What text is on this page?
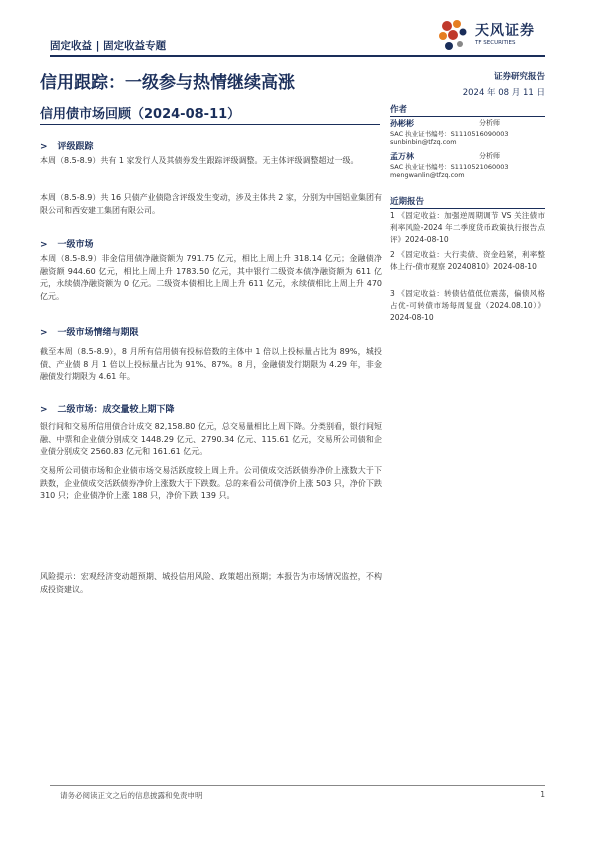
固定收益 | 固定收益专题
天风证券
TF SECURITIES
信用跟踪：一级参与热情继续高涨
信用债市场回顾（2024-08-11）
证券研究报告
2024 年 08 月 11 日
作者
孙彬彬	分析师
SAC 执业证书编号：S1110516090003
sunbinbin@tfzq.com
孟万林	分析师
SAC 执业证书编号：S1110521060003
mengwanlin@tfzq.com
近期报告
1 《固定收益：加强逆周期调节 VS 关注债市利率风险-2024 年二季度货币政策执行报告点评》2024-08-10
2 《固定收益：大行卖债、资金趋紧，利率整体上行-债市观察 20240810》2024-08-10
3 《固定收益：转债估值低位震荡，偏债风格占优-可转债市场每周复盘（2024.08.10）》 2024-08-10
> 评级跟踪
本周（8.5-8.9）共有 1 家发行人及其债券发生跟踪评级调整。无主体评级调整超过一级。
本周（8.5-8.9）共 16 只债产业债隐含评级发生变动，涉及主体共 2 家，分别为中国铝业集团有限公司和西安建工集团有限公司。
> 一级市场
本周（8.5-8.9）非金信用债净融资额为 791.75 亿元，相比上周上升 318.14 亿元；金融债净融资额 944.60 亿元，相比上周上升 1783.50 亿元，其中银行二级资本债净融资额为 611 亿元，永续债净融资额为 0 亿元。二级资本债相比上周上升 611 亿元，永续债相比上周上升 470 亿元。
> 一级市场情绪与期限
截至本周（8.5-8.9），8 月所有信用债有投标倍数的主体中 1 倍以上投标量占比为 89%，城投债、产业债 8 月 1 倍以上投标量占比为 91%、87%。8 月，金融债发行期限为 4.29 年，非金融债发行期限为 4.61 年。
> 二级市场：成交量较上期下降
银行间和交易所信用债合计成交 82,158.80 亿元，总交易量相比上周下降。分类别看，银行间短融、中票和企业债分别成交 1448.29 亿元、2790.34 亿元、115.61 亿元，交易所公司债和企业债分别成交 2560.83 亿元和 161.61 亿元。
交易所公司债市场和企业债市场交易活跃度较上周上升。公司债成交活跃债券净价上涨数大于下跌数，企业债成交活跃债券净价上涨数大于下跌数。总的来看公司债净价上涨 503 只，净价下跌 310 只；企业债净价上涨 188 只，净价下跌 139 只。
风险提示：宏观经济变动超预期、城投信用风险、政策超出预期；本报告为市场情况监控，不构成投资建议。
请务必阅读正文之后的信息披露和免责申明	1
